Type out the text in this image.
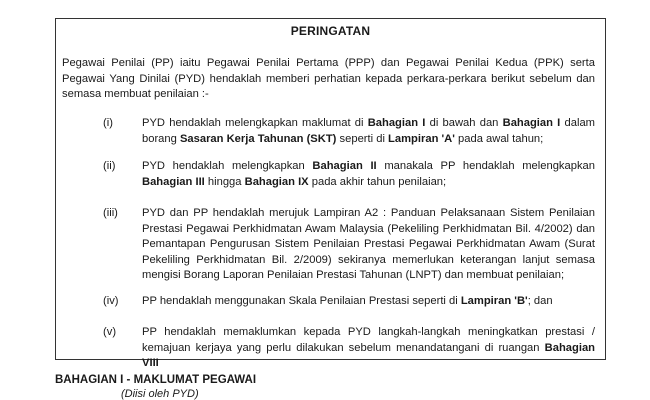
PERINGATAN
Pegawai Penilai (PP) iaitu Pegawai Penilai Pertama (PPP) dan Pegawai Penilai Kedua (PPK) serta Pegawai Yang Dinilai (PYD) hendaklah memberi perhatian kepada perkara-perkara berikut sebelum dan semasa membuat penilaian :-
(i)	PYD hendaklah melengkapkan maklumat di Bahagian I di bawah dan Bahagian I dalam borang Sasaran Kerja Tahunan (SKT) seperti di Lampiran 'A' pada awal tahun;
(ii)	PYD hendaklah melengkapkan Bahagian II manakala PP hendaklah melengkapkan Bahagian III hingga Bahagian IX pada akhir tahun penilaian;
(iii)	PYD dan PP hendaklah merujuk Lampiran A2 : Panduan Pelaksanaan Sistem Penilaian Prestasi Pegawai Perkhidmatan Awam Malaysia (Pekeliling Perkhidmatan Bil. 4/2002) dan Pemantapan Pengurusan Sistem Penilaian Prestasi Pegawai Perkhidmatan Awam (Surat Pekeliling Perkhidmatan Bil. 2/2009) sekiranya memerlukan keterangan lanjut semasa mengisi Borang Laporan Penilaian Prestasi Tahunan (LNPT) dan membuat penilaian;
(iv)	PP hendaklah menggunakan Skala Penilaian Prestasi seperti di Lampiran 'B'; dan
(v)	PP hendaklah memaklumkan kepada PYD langkah-langkah meningkatkan prestasi / kemajuan kerjaya yang perlu dilakukan sebelum menandatangani di ruangan Bahagian VIII
BAHAGIAN I - MAKLUMAT PEGAWAI
(Diisi oleh PYD)
